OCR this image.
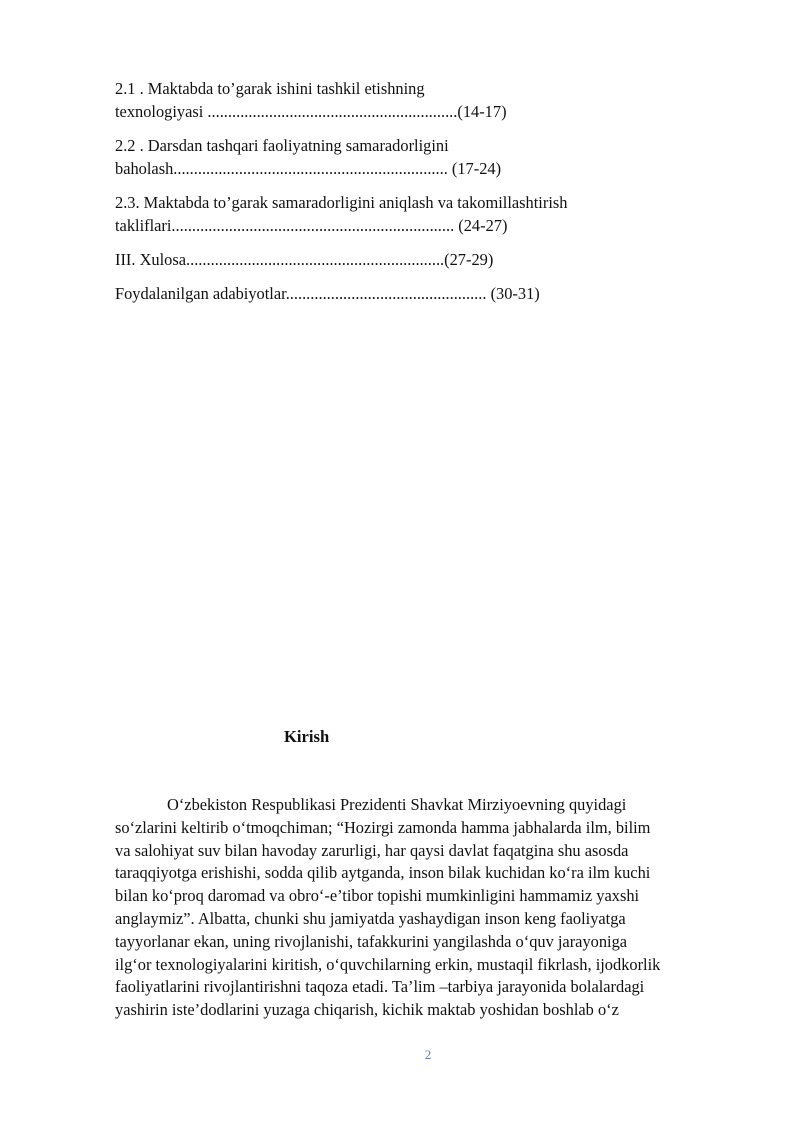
2.1 . Maktabda to’garak ishini tashkil etishning
texnologiyasi .............................................................(14-17)
2.2 . Darsdan tashqari faoliyatning samaradorligini
baholash................................................................... (17-24)
2.3. Maktabda to’garak samaradorligini aniqlash va takomillashtirish
takliflari..................................................................... (24-27)
III. Xulosa...............................................................(27-29)
Foydalanilgan adabiyotlar................................................. (30-31)
Kirish
O‘zbekiston Respublikasi Prezidenti Shavkat Mirziyoevning quyidagi
so‘zlarini keltirib o‘tmoqchiman; “Hozirgi zamonda hamma jabhalarda ilm, bilim
va salohiyat suv bilan havoday zarurligi, har qaysi davlat faqatgina shu asosda
taraqqiyotga erishishi, sodda qilib aytganda, inson bilak kuchidan ko‘ra ilm kuchi
bilan ko‘proq daromad va obro‘-e’tibor topishi mumkinligini hammamiz yaxshi
anglaymiz”. Albatta, chunki shu jamiyatda yashaydigan inson keng faoliyatga
tayyorlanar ekan, uning rivojlanishi, tafakkurini yangilashda o‘quv jarayoniga
ilg‘or texnologiyalarini kiritish, o‘quvchilarning erkin, mustaqil fikrlash, ijodkorlik
faoliyatlarini rivojlantirishni taqoza etadi. Ta’lim –tarbiya jarayonida bolalardagi
yashirin iste’dodlarini yuzaga chiqarish, kichik maktab yoshidan boshlab o‘z
2
